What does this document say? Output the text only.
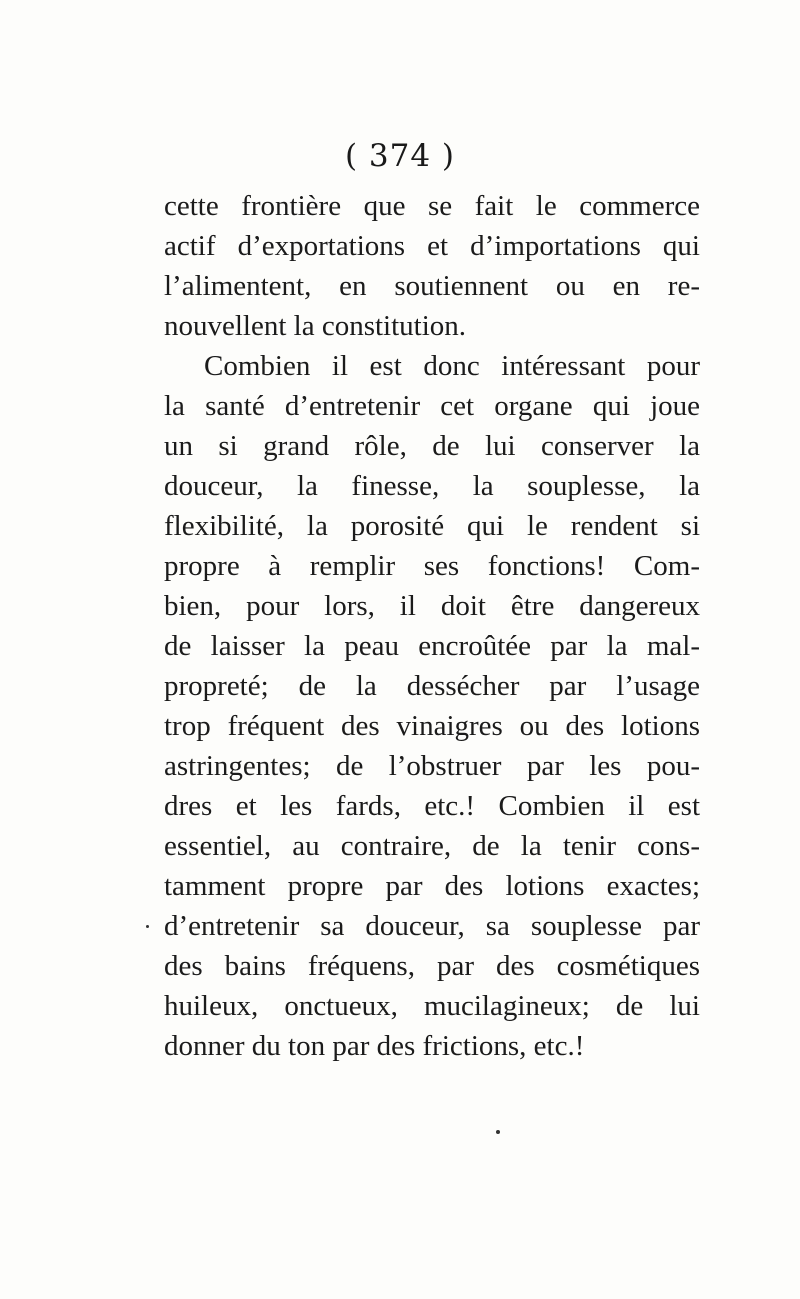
( 374 )
cette frontière que se fait le commerce
actif d’exportations et d’importations qui
l’alimentent, en soutiennent ou en re-
nouvellent la constitution.
Combien il est donc intéressant pour
la santé d’entretenir cet organe qui joue
un si grand rôle, de lui conserver la
douceur, la finesse, la souplesse, la
flexibilité, la porosité qui le rendent si
propre à remplir ses fonctions! Com-
bien, pour lors, il doit être dangereux
de laisser la peau encroûtée par la mal-
propreté; de la dessécher par l’usage
trop fréquent des vinaigres ou des lotions
astringentes; de l’obstruer par les pou-
dres et les fards, etc.! Combien il est
essentiel, au contraire, de la tenir cons-
tamment propre par des lotions exactes;
d’entretenir sa douceur, sa souplesse par
des bains fréquens, par des cosmétiques
huileux, onctueux, mucilagineux; de lui
donner du ton par des frictions, etc.!
